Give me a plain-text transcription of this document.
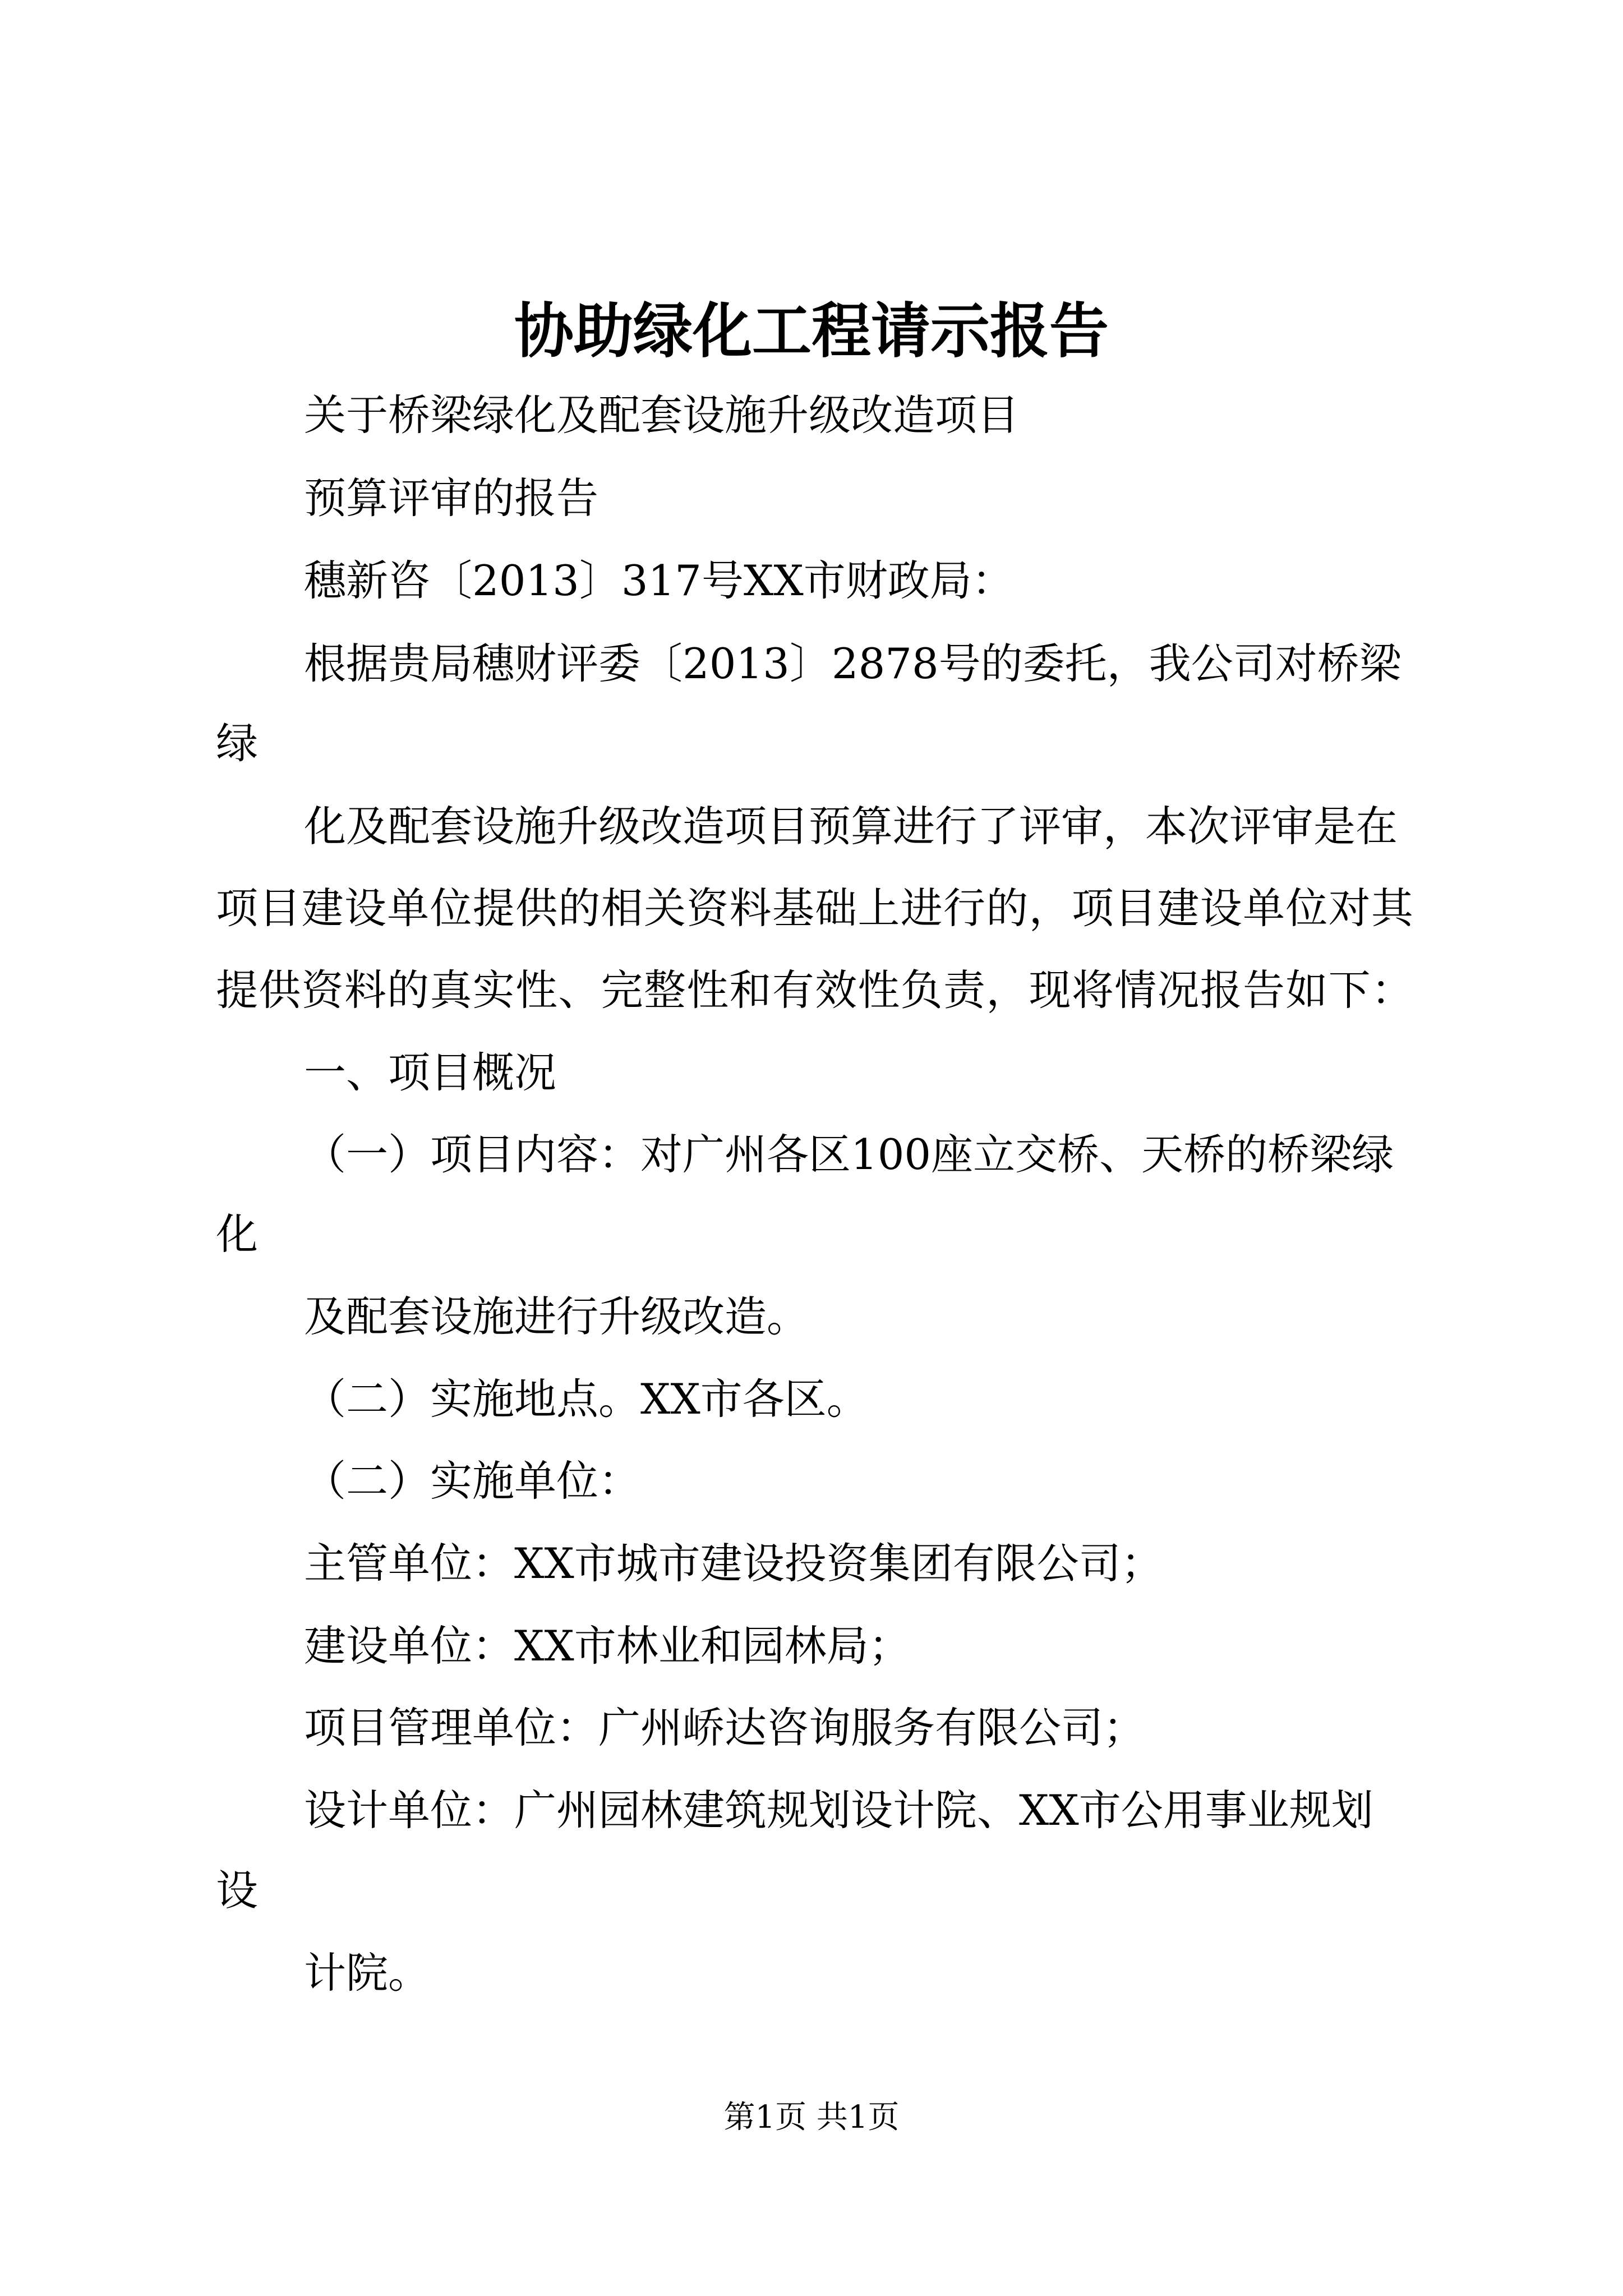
协助绿化工程请示报告
关于桥梁绿化及配套设施升级改造项目
预算评审的报告
穗新咨〔2013〕317号XX市财政局：
根据贵局穗财评委〔2013〕2878号的委托，我公司对桥梁
绿
化及配套设施升级改造项目预算进行了评审，本次评审是在
项目建设单位提供的相关资料基础上进行的，项目建设单位对其
提供资料的真实性、完整性和有效性负责，现将情况报告如下：
一、项目概况
（一）项目内容：对广州各区100座立交桥、天桥的桥梁绿
化
及配套设施进行升级改造。
（二）实施地点。XX市各区。
（二）实施单位：
主管单位：XX市城市建设投资集团有限公司；
建设单位：XX市林业和园林局；
项目管理单位：广州峤达咨询服务有限公司；
设计单位：广州园林建筑规划设计院、XX市公用事业规划
设
计院。
第1页 共1页
